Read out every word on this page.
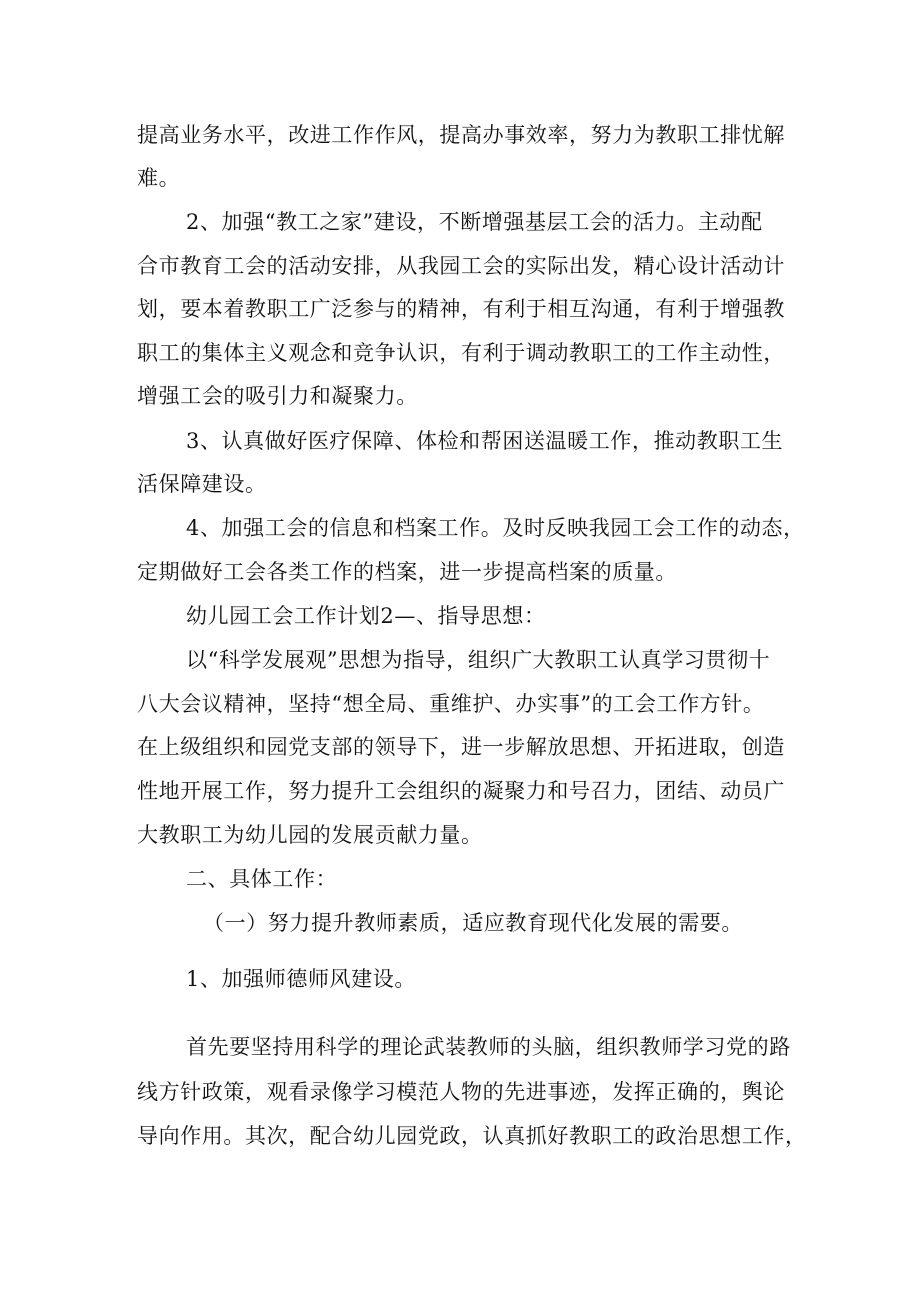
提高业务水平，改进工作作风，提高办事效率，努力为教职工排忧解

难。

2、加强“教工之家”建设，不断增强基层工会的活力。主动配

合市教育工会的活动安排，从我园工会的实际出发，精心设计活动计

划，要本着教职工广泛参与的精神，有利于相互沟通，有利于增强教

职工的集体主义观念和竞争认识，有利于调动教职工的工作主动性，

增强工会的吸引力和凝聚力。

3、认真做好医疗保障、体检和帮困送温暖工作，推动教职工生

活保障建设。

4、加强工会的信息和档案工作。及时反映我园工会工作的动态，

定期做好工会各类工作的档案，进一步提高档案的质量。

幼儿园工会工作计划2—、指导思想：

以“科学发展观”思想为指导，组织广大教职工认真学习贯彻十

八大会议精神，坚持“想全局、重维护、办实事”的工会工作方针。

在上级组织和园党支部的领导下，进一步解放思想、开拓进取，创造

性地开展工作，努力提升工会组织的凝聚力和号召力，团结、动员广

大教职工为幼儿园的发展贡献力量。

二、具体工作：

（一）努力提升教师素质，适应教育现代化发展的需要。

1、加强师德师风建设。

首先要坚持用科学的理论武装教师的头脑，组织教师学习党的路

线方针政策，观看录像学习模范人物的先进事迹，发挥正确的，舆论

导向作用。其次，配合幼儿园党政，认真抓好教职工的政治思想工作，
